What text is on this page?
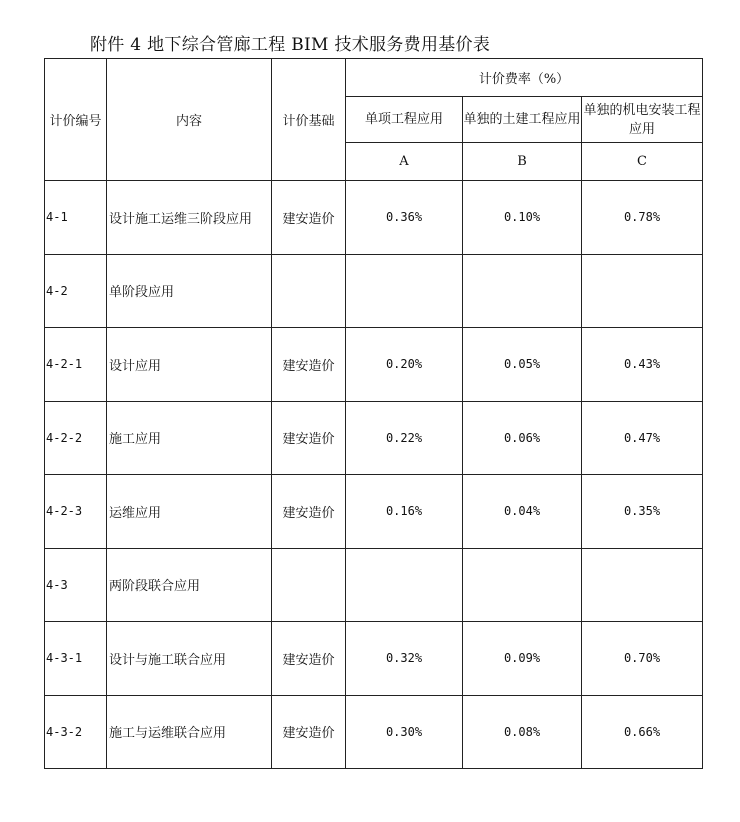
附件 4 地下综合管廊工程 BIM 技术服务费用基价表
计价编号	内容	计价基础	计价费率（%）		
			单项工程应用	单独的土建工程应用	单独的机电安装工程应用
			A	B	C
4-1	设计施工运维三阶段应用	建安造价	0.36%	0.10%	0.78%
4-2	单阶段应用				
4-2-1	设计应用	建安造价	0.20%	0.05%	0.43%
4-2-2	施工应用	建安造价	0.22%	0.06%	0.47%
4-2-3	运维应用	建安造价	0.16%	0.04%	0.35%
4-3	两阶段联合应用				
4-3-1	设计与施工联合应用	建安造价	0.32%	0.09%	0.70%
4-3-2	施工与运维联合应用	建安造价	0.30%	0.08%	0.66%
